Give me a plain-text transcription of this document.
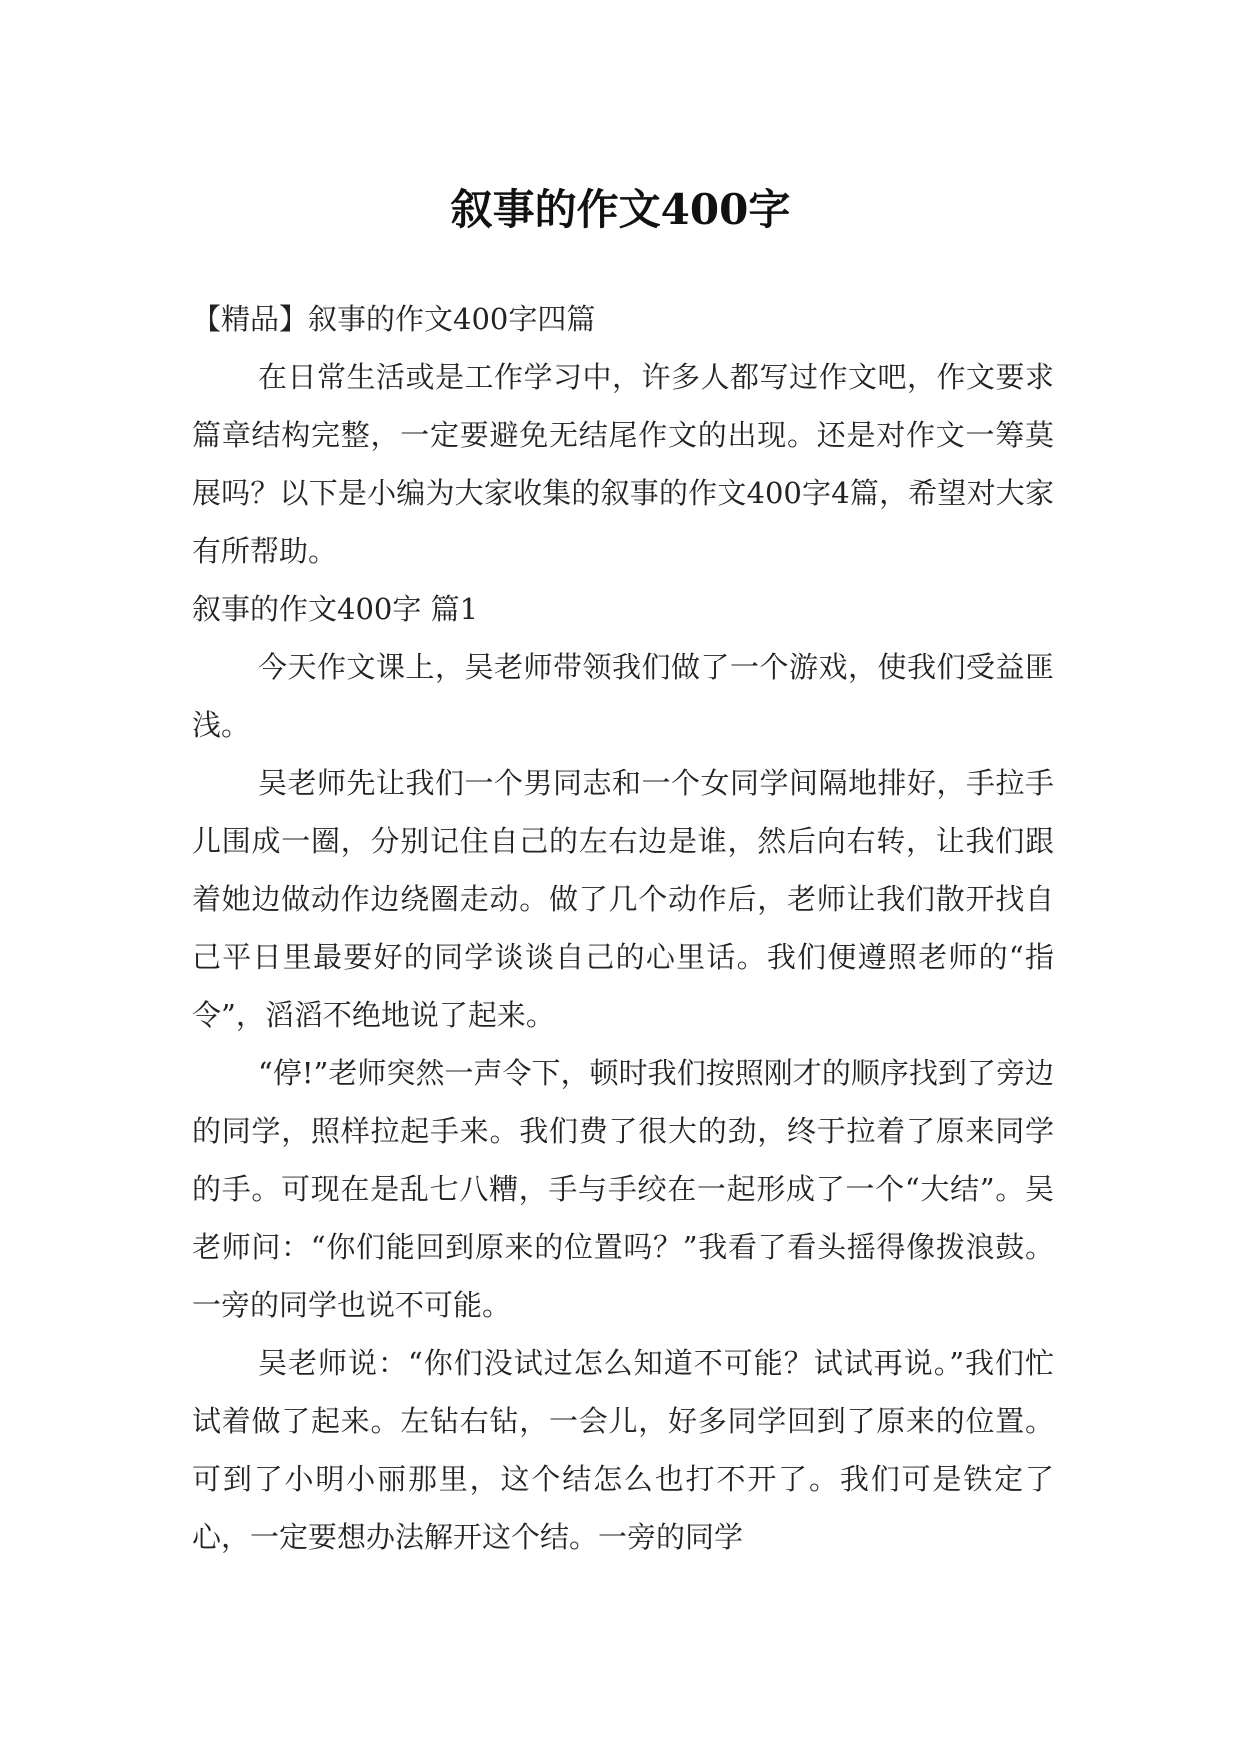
叙事的作文400字

【精品】叙事的作文400字四篇

在日常生活或是工作学习中，许多人都写过作文吧，作文要求篇章结构完整，一定要避免无结尾作文的出现。还是对作文一筹莫展吗？以下是小编为大家收集的叙事的作文400字4篇，希望对大家有所帮助。

叙事的作文400字 篇1

今天作文课上，吴老师带领我们做了一个游戏，使我们受益匪浅。

吴老师先让我们一个男同志和一个女同学间隔地排好，手拉手儿围成一圈，分别记住自己的左右边是谁，然后向右转，让我们跟着她边做动作边绕圈走动。做了几个动作后，老师让我们散开找自己平日里最要好的同学谈谈自己的心里话。我们便遵照老师的“指令”，滔滔不绝地说了起来。

“停!”老师突然一声令下，顿时我们按照刚才的顺序找到了旁边的同学，照样拉起手来。我们费了很大的劲，终于拉着了原来同学的手。可现在是乱七八糟，手与手绞在一起形成了一个“大结”。吴老师问：“你们能回到原来的位置吗？”我看了看头摇得像拨浪鼓。一旁的同学也说不可能。

吴老师说：“你们没试过怎么知道不可能？试试再说。”我们忙试着做了起来。左钻右钻，一会儿，好多同学回到了原来的位置。可到了小明小丽那里，这个结怎么也打不开了。我们可是铁定了心，一定要想办法解开这个结。一旁的同学
